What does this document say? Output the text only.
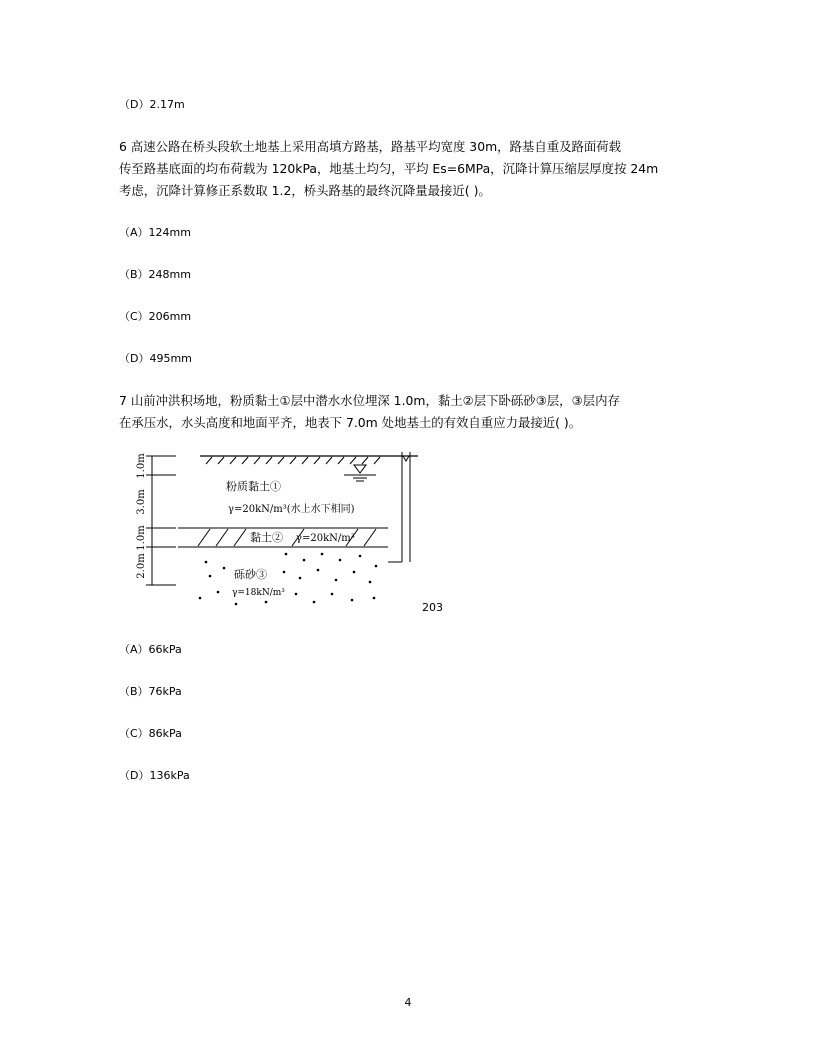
（D）2.17m
6 高速公路在桥头段软土地基上采用高填方路基，路基平均宽度 30m，路基自重及路面荷载
传至路基底面的均布荷载为 120kPa，地基土均匀，平均 Es=6MPa，沉降计算压缩层厚度按 24m
考虑，沉降计算修正系数取 1.2，桥头路基的最终沉降量最接近( )。
（A）124mm
（B）248mm
（C）206mm
（D）495mm
7 山前冲洪积场地，粉质黏土①层中潜水水位埋深 1.0m，黏土②层下卧砾砂③层，③层内存
在承压水，水头高度和地面平齐，地表下 7.0m 处地基土的有效自重应力最接近( )。
1.0m
3.0m
1.0m
2.0m
粉质黏土①
γ=20kN/m³(水上水下相同)
黏土② γ=20kN/m³
砾砂③
γ=18kN/m³
203
（A）66kPa
（B）76kPa
（C）86kPa
（D）136kPa
4
